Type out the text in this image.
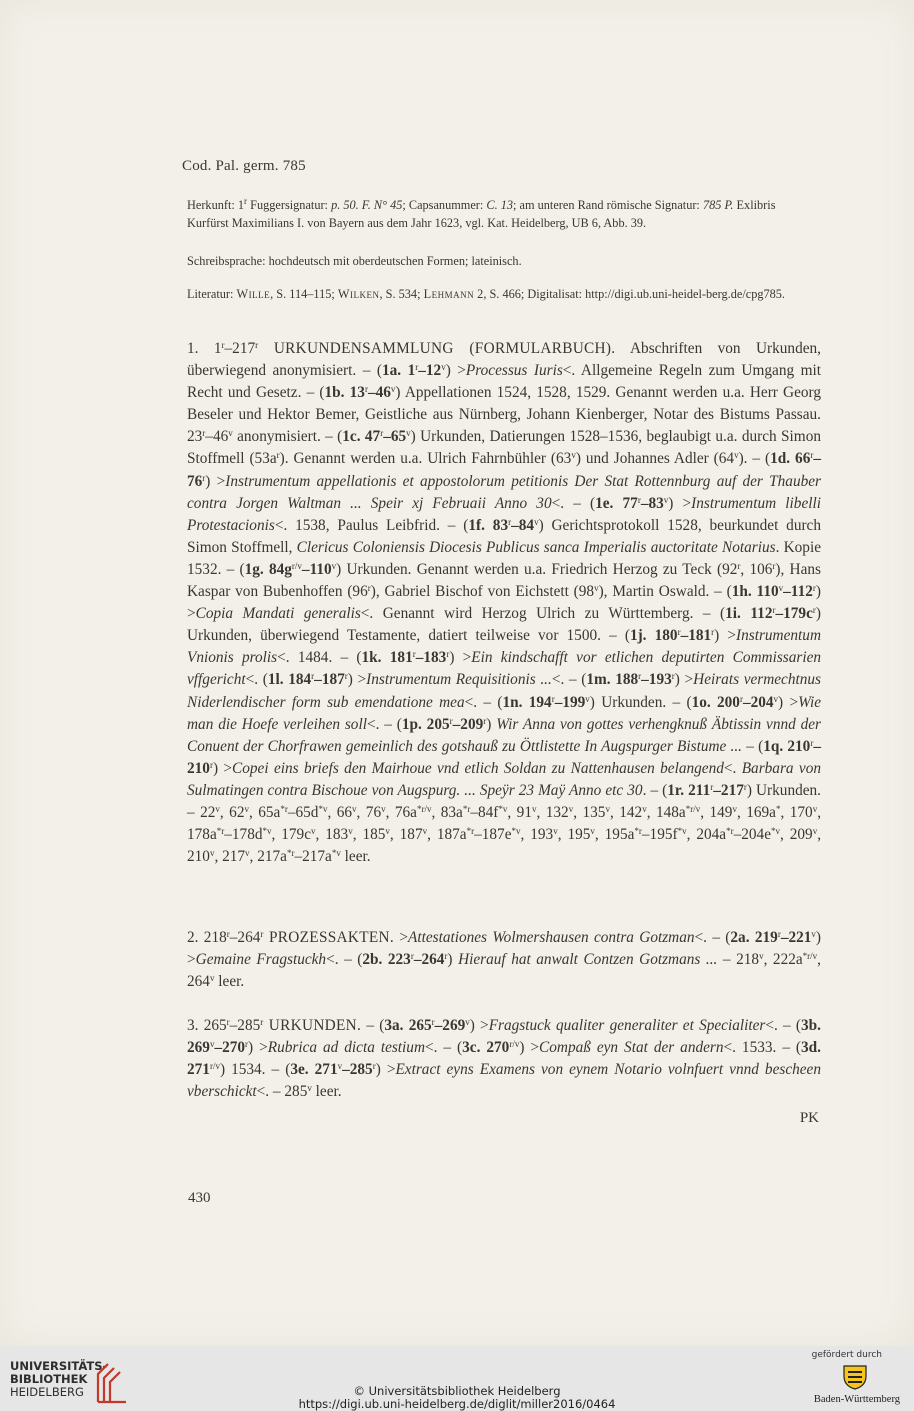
Cod. Pal. germ. 785
Herkunft: 1$^r$ Fuggersignatur: p. 50. F. N° 45; Capsanummer: C. 13; am unteren Rand römische Signatur: 785 P. Exlibris Kurfürst Maximilians I. von Bayern aus dem Jahr 1623, vgl. Kat. Heidelberg, UB 6, Abb. 39.
Schreibsprache: hochdeutsch mit oberdeutschen Formen; lateinisch.
Literatur: Wille, S. 114–115; Wilken, S. 534; Lehmann 2, S. 466; Digitalisat: http://digi.ub.uni-heidel-berg.de/cpg785.
1. 1$^r$–217$^r$ URKUNDENSAMMLUNG (FORMULARBUCH). Abschriften von Urkunden, überwiegend anonymisiert. – (1a. $1^r-12^v$) >Processus Iuris<. Allgemeine Regeln zum Umgang mit Recht und Gesetz. – (1b. 13$^r$–46$^v$) Appellationen 1524, 1528, 1529. Genannt werden u.a. Herr Georg Beseler und Hektor Bemer, Geistliche aus Nürnberg, Johann Kienberger, Notar des Bistums Passau. 23$^r$–46$^v$ anonymisiert. – (1c. 47$^r$–65$^v$) Urkunden, Datierungen 1528–1536, beglaubigt u.a. durch Simon Stoffmell $(53a^r)$. Genannt werden u.a. Ulrich Fahrnbühler (63$^v$) und Johannes Adler (64$^v$). – (1d. $66^r-76^r$) >Instrumentum appellationis et appostolorum petitionis Der Stat Rottennburg auf der Thauber contra Jorgen Waltman ... Speir xj Februaii Anno 30<. – (1e. $77^r-83^v$) >Instrumentum libelli Protestacionis<. 1538, Paulus Leibfrid. – (1f. 83$^r$–84$^v$) Gerichtsprotokoll 1528, beurkundet durch Simon Stoffmell, Clericus Coloniensis Diocesis Publicus sanca Imperialis auctoritate Notarius. Kopie 1532. – (1g. $84g^{r/v}-110^v$) Urkunden. Genannt werden u.a. Friedrich Herzog zu Teck (92$^r$, 106$^r$), Hans Kaspar von Bubenhoffen (96$^r$), Gabriel Bischof von Eichstett (98$^v$), Martin Oswald. – (1h. $110^v-112^r$) >Copia Mandati generalis<. Genannt wird Herzog Ulrich zu Württemberg. – (1i. $112^r-179c^r$) Urkunden, überwiegend Testamente, datiert teilweise vor 1500. – (1j. $180^r-181^r$) >Instrumentum Vnionis prolis<. 1484. – (1k. $181^r-183^r) >Ein$ kindschafft vor etlichen deputirten Commissarien vffgericht<. (1l. $184^r-187^r$) >Instrumentum Requisitionis ...<. – (1m. $188^r-193^r$) >Heirats vermechtnus Niderlendischer form sub emendatione mea<. – (1n. 194$^r$–199$^v$) Urkunden. – (1o. $200^r-204^v) >Wie$ man die Hoefe verleihen soll<. – (1p. 205$^r$–209$^r$) Wir Anna von gottes verhengknuß Äbtissin vnnd der Conuent der Chorfrawen gemeinlich des gotshauß zu Öttlistette In Augspurger Bistume ... – (1q. $210^r-210^r$) >Copei eins briefs den Mairhoue vnd etlich Soldan zu Nattenhausen belangend<. Barbara von Sulmatingen contra Bischoue von Augspurg. ... Speÿr 23 Maÿ Anno etc 30. – (1r. 211$^r$–217$^r$) Urkunden. – 22$^v$, 62$^v$, $65a^{*r}-65d^{*v}$, 66$^v$, 76$^v$, $76a^{*r/v}$, $83a^{*r}-84f^{*v}$, 91$^v$, 132$^v$, 135$^v$, 142$^v$, $148a^{*r/v}$, 149$^v$, 169a*, 170$^v$, $178a^{*r}-178d^{*v}$, $179c^v$, 183$^v$, 185$^v$, 187$^v$, $187a^{*r}-187e^{*v}$, 193$^v$, 195$^v$, $195a^{*r}-195f^{*v}$, $204a^{*r}-204e^{*v}$, 209$^v$, 210$^v$, 217$^v$, $217a^{*r}-217a^{*v}$ leer.
2. 218$^r$–264$^r$ PROZESSAKTEN. >Attestationes Wolmershausen contra Gotzman<. – (2a. $219^r-221^v$) >Gemaine Fragstuckh<. – (2b. 223$^r$–264$^r$) Hierauf hat anwalt Contzen Gotzmans ... – 218$^v$, $222a^{*r/v}$, 264$^v$ leer.
3. 265$^r$–285$^r$ URKUNDEN. – (3a. $265^r-269^v$) >Fragstuck qualiter generaliter et Specialiter<. – (3b. $269^v-270^r$) >Rubrica ad dicta testium<. – (3c. $270^{r/v}$) >Compaß eyn Stat der andern<. 1533. – (3d. $271^{r/v}$) 1534. – (3e. $271^v-285^r$) >Extract eyns Examens von eynem Notario volnfuert vnnd bescheen vberschickt<. – 285$^v$ leer.
PK
430
UNIVERSITÄTS-
BIBLIOTHEK
HEIDELBERG	© Universitätsbibliothek Heidelberg
https://digi.ub.uni-heidelberg.de/diglit/miller2016/0464
gefördert durch
Baden-Württemberg
